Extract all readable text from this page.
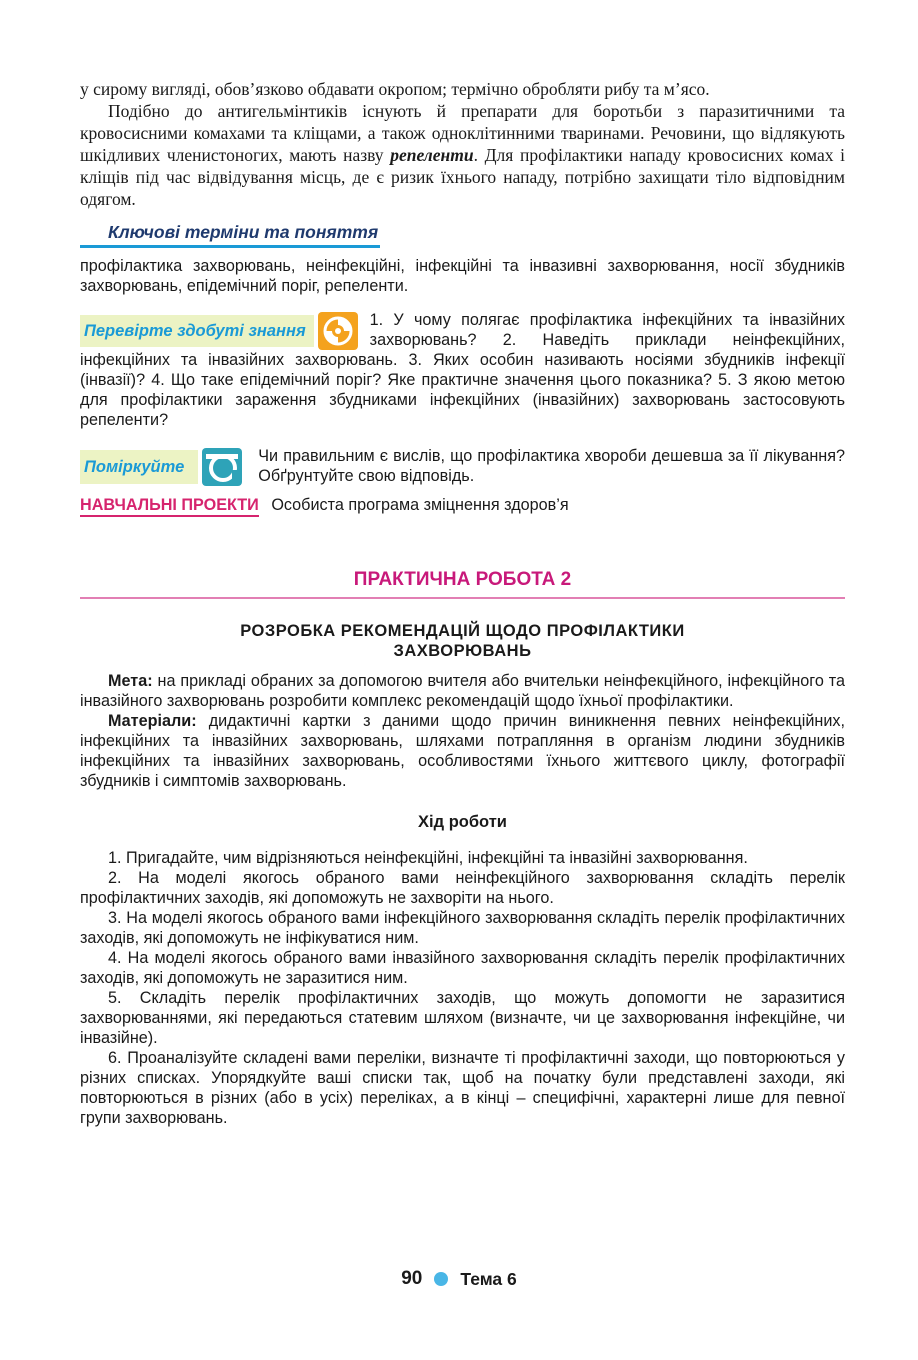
у сирому вигляді, обов’язково обдавати окропом; термічно обробляти рибу та м’ясо.

Подібно до антигельмінтиків існують й препарати для боротьби з паразитичними та кровосисними комахами та кліщами, а також одноклітинними тваринами. Речовини, що відлякують шкідливих членистоногих, мають назву репеленти. Для профілактики нападу кровосисних комах і кліщів під час відвідування місць, де є ризик їхнього нападу, потрібно захищати тіло відповідним одягом.

Ключові терміни та поняття

профілактика захворювань, неінфекційні, інфекційні та інвазивні захворювання, носії збудників захворювань, епідемічний поріг, репеленти.

Перевірте здобуті знання

1. У чому полягає профілактика інфекційних та інвазійних захворювань? 2. Наведіть приклади неінфекційних, інфекційних та інвазійних захворювань. 3. Яких особин називають носіями збудників інфекції (інвазії)? 4. Що таке епідемічний поріг? Яке практичне значення цього показника? 5. З якою метою для профілактики зараження збудниками інфекційних (інвазійних) захворювань застосовують репеленти?

Поміркуйте

Чи правильним є вислів, що профілактика хвороби дешевша за її лікування? Обґрунтуйте свою відповідь.

НАВЧАЛЬНІ ПРОЕКТИ Особиста програма зміцнення здоров’я
ПРАКТИЧНА РОБОТА 2
РОЗРОБКА РЕКОМЕНДАЦІЙ ЩОДО ПРОФІЛАКТИКИ
ЗАХВОРЮВАНЬ

Мета: на прикладі обраних за допомогою вчителя або вчительки неінфекційного, інфекційного та інвазійного захворювань розробити комплекс рекомендацій щодо їхньої профілактики.

Матеріали: дидактичні картки з даними щодо причин виникнення певних неінфекційних, інфекційних та інвазійних захворювань, шляхами потрапляння в організм людини збудників інфекційних та інвазійних захворювань, особливостями їхнього життєвого циклу, фотографії збудників і симптомів захворювань.

Хід роботи

1. Пригадайте, чим відрізняються неінфекційні, інфекційні та інвазійні захворювання.

2. На моделі якогось обраного вами неінфекційного захворювання складіть перелік профілактичних заходів, які допоможуть не захворіти на нього.

3. На моделі якогось обраного вами інфекційного захворювання складіть перелік профілактичних заходів, які допоможуть не інфікуватися ним.

4. На моделі якогось обраного вами інвазійного захворювання складіть перелік профілактичних заходів, які допоможуть не заразитися ним.

5. Складіть перелік профілактичних заходів, що можуть допомогти не заразитися захворюваннями, які передаються статевим шляхом (визначте, чи це захворювання інфекційне, чи інвазійне).

6. Проаналізуйте складені вами переліки, визначте ті профілактичні заходи, що повторюються у різних списках. Упорядкуйте ваші списки так, щоб на початку були представлені заходи, які повторюються в різних (або в усіх) переліках, а в кінці – специфічні, характерні лише для певної групи захворювань.

90 Тема 6
